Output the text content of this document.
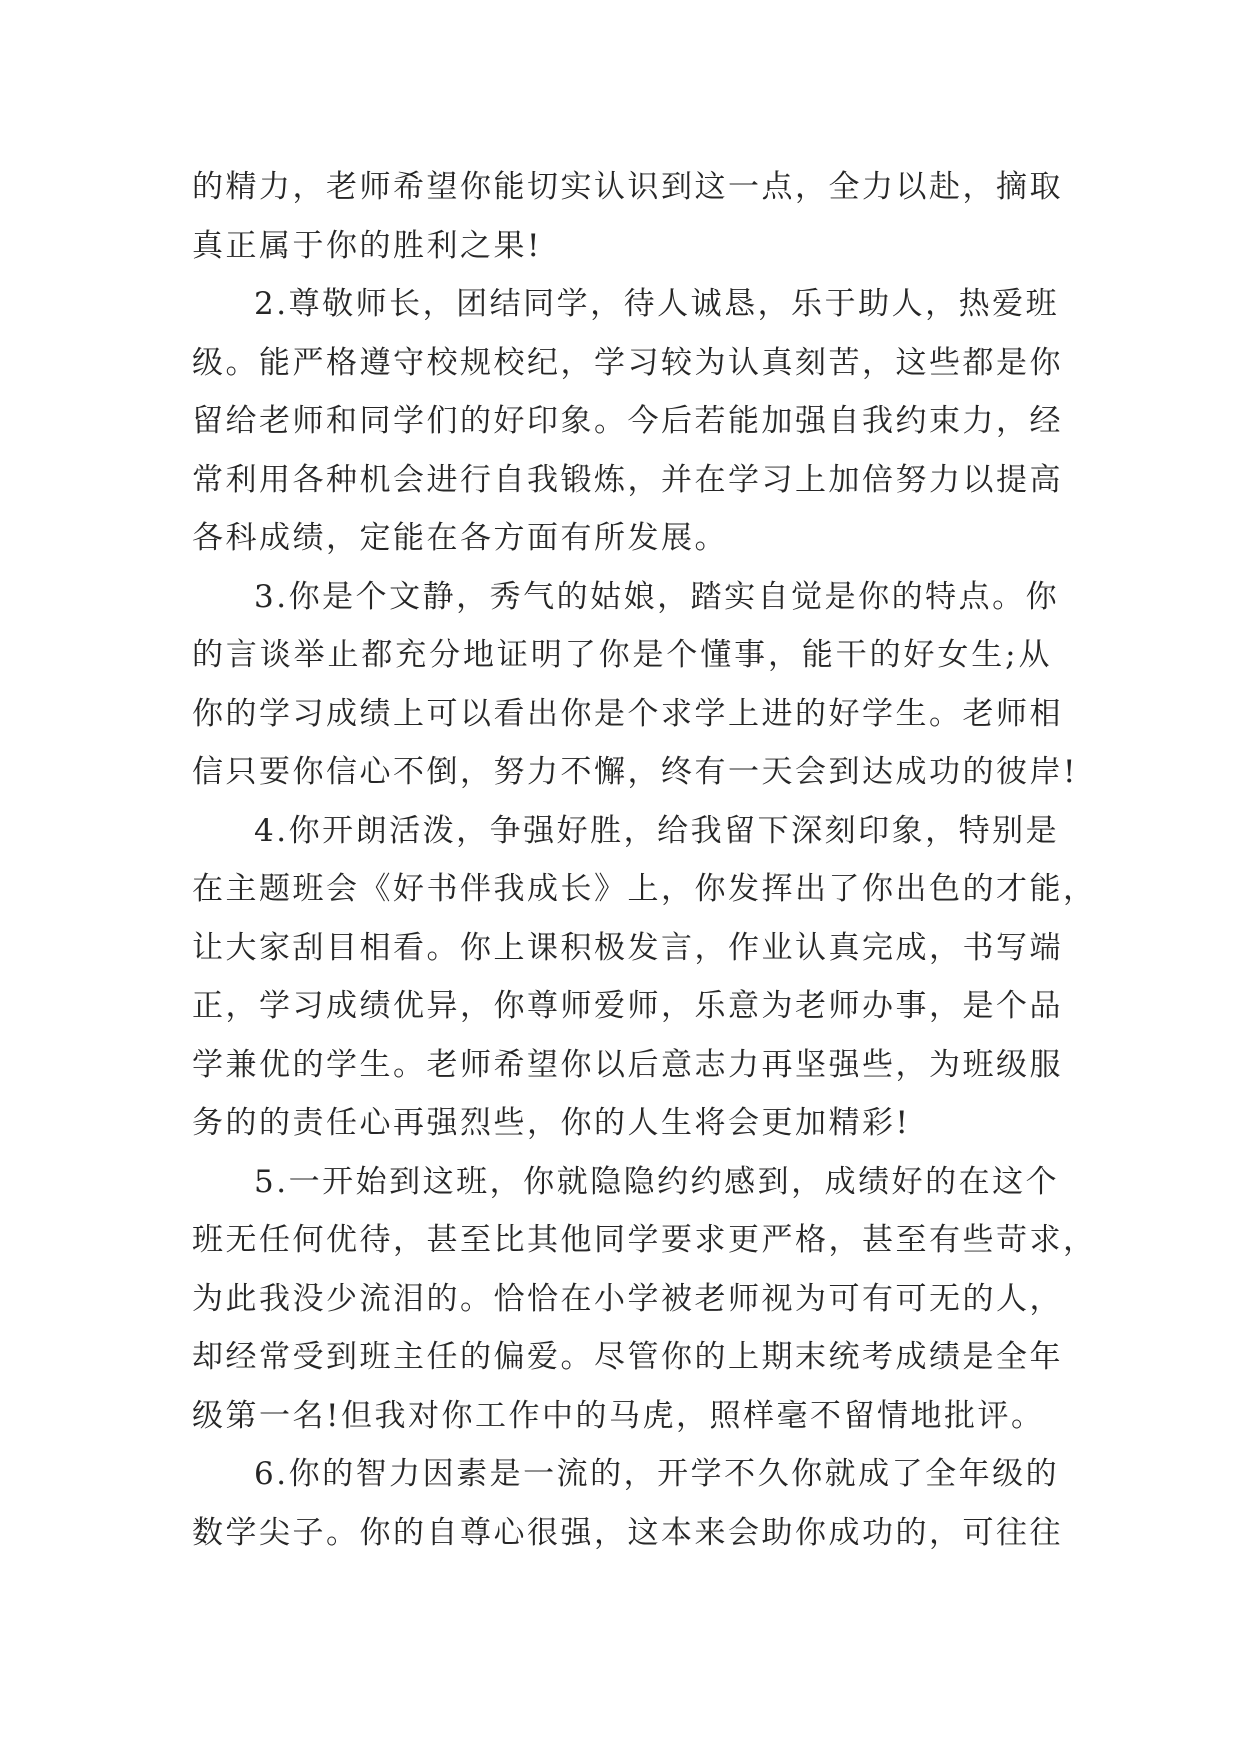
的精力，老师希望你能切实认识到这一点，全力以赴，摘取
真正属于你的胜利之果!
2.尊敬师长，团结同学，待人诚恳，乐于助人，热爱班
级。能严格遵守校规校纪，学习较为认真刻苦，这些都是你
留给老师和同学们的好印象。今后若能加强自我约束力，经
常利用各种机会进行自我锻炼，并在学习上加倍努力以提高
各科成绩，定能在各方面有所发展。
3.你是个文静，秀气的姑娘，踏实自觉是你的特点。你
的言谈举止都充分地证明了你是个懂事，能干的好女生;从
你的学习成绩上可以看出你是个求学上进的好学生。老师相
信只要你信心不倒，努力不懈，终有一天会到达成功的彼岸!
4.你开朗活泼，争强好胜，给我留下深刻印象，特别是
在主题班会《好书伴我成长》上，你发挥出了你出色的才能，
让大家刮目相看。你上课积极发言，作业认真完成，书写端
正，学习成绩优异，你尊师爱师，乐意为老师办事，是个品
学兼优的学生。老师希望你以后意志力再坚强些，为班级服
务的的责任心再强烈些，你的人生将会更加精彩!
5.一开始到这班，你就隐隐约约感到，成绩好的在这个
班无任何优待，甚至比其他同学要求更严格，甚至有些苛求，
为此我没少流泪的。恰恰在小学被老师视为可有可无的人，
却经常受到班主任的偏爱。尽管你的上期末统考成绩是全年
级第一名!但我对你工作中的马虎，照样毫不留情地批评。
6.你的智力因素是一流的，开学不久你就成了全年级的
数学尖子。你的自尊心很强，这本来会助你成功的，可往往
